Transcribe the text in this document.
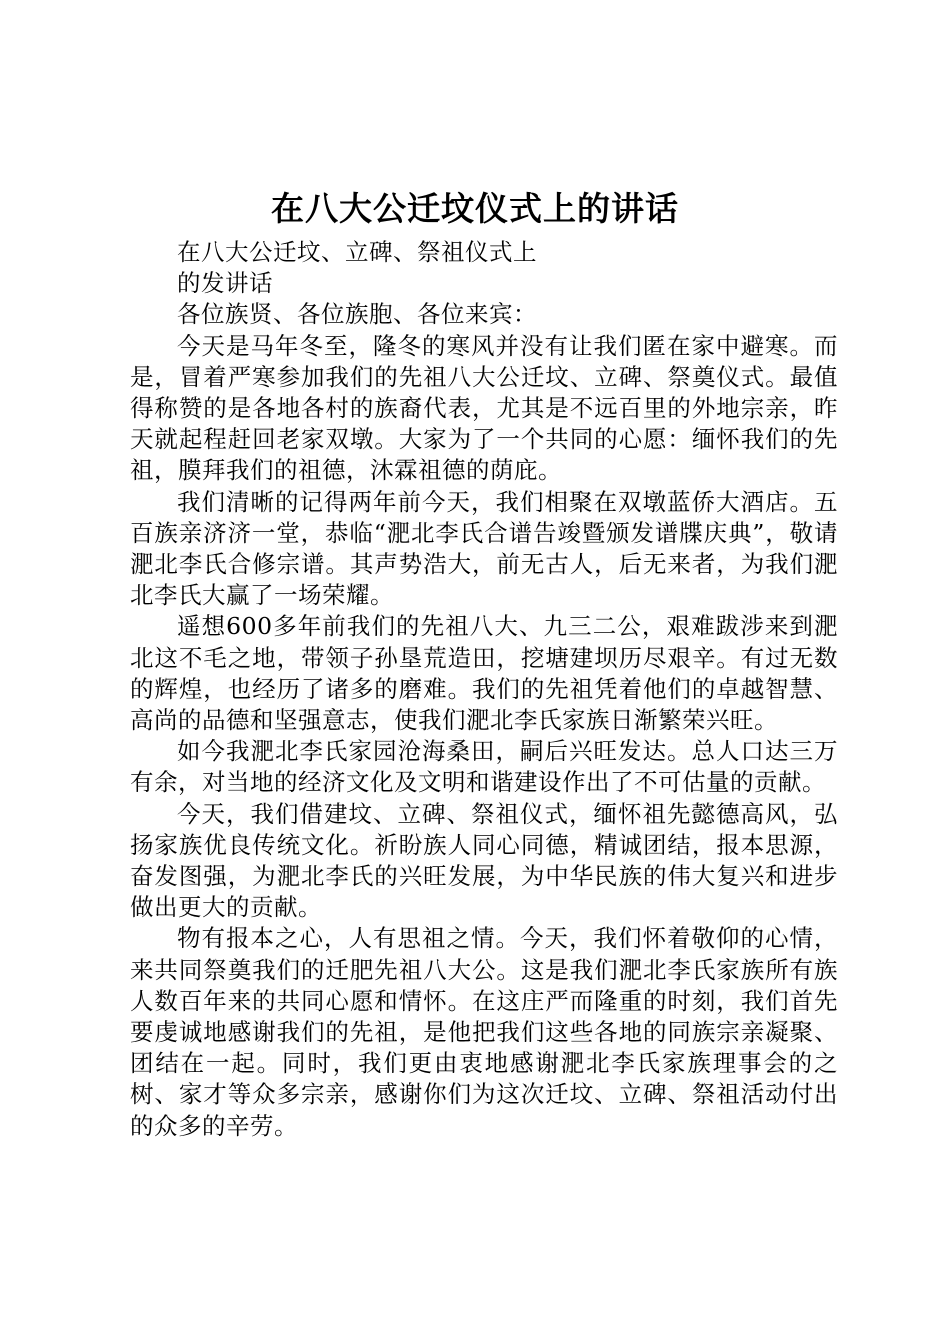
在八大公迁坟仪式上的讲话

在八大公迁坟、立碑、祭祖仪式上

的发讲话

各位族贤、各位族胞、各位来宾：

今天是马年冬至，隆冬的寒风并没有让我们匿在家中避寒。而是，冒着严寒参加我们的先祖八大公迁坟、立碑、祭奠仪式。最值得称赞的是各地各村的族裔代表，尤其是不远百里的外地宗亲，昨天就起程赶回老家双墩。大家为了一个共同的心愿：缅怀我们的先祖，膜拜我们的祖德，沐霖祖德的荫庇。

我们清晰的记得两年前今天，我们相聚在双墩蓝侨大酒店。五百族亲济济一堂，恭临“淝北李氏合谱告竣暨颁发谱牒庆典”，敬请淝北李氏合修宗谱。其声势浩大，前无古人，后无来者，为我们淝北李氏大赢了一场荣耀。

遥想600多年前我们的先祖八大、九三二公，艰难跋涉来到淝北这不毛之地，带领子孙垦荒造田，挖塘建坝历尽艰辛。有过无数的辉煌，也经历了诸多的磨难。我们的先祖凭着他们的卓越智慧、高尚的品德和坚强意志，使我们淝北李氏家族日渐繁荣兴旺。

如今我淝北李氏家园沧海桑田，嗣后兴旺发达。总人口达三万有余，对当地的经济文化及文明和谐建设作出了不可估量的贡献。

今天，我们借建坟、立碑、祭祖仪式，缅怀祖先懿德高风，弘扬家族优良传统文化。祈盼族人同心同德，精诚团结，报本思源，奋发图强，为淝北李氏的兴旺发展，为中华民族的伟大复兴和进步做出更大的贡献。

物有报本之心，人有思祖之情。今天，我们怀着敬仰的心情，来共同祭奠我们的迁肥先祖八大公。这是我们淝北李氏家族所有族人数百年来的共同心愿和情怀。在这庄严而隆重的时刻，我们首先要虔诚地感谢我们的先祖，是他把我们这些各地的同族宗亲凝聚、团结在一起。同时，我们更由衷地感谢淝北李氏家族理事会的之树、家才等众多宗亲，感谢你们为这次迁坟、立碑、祭祖活动付出的众多的辛劳。
